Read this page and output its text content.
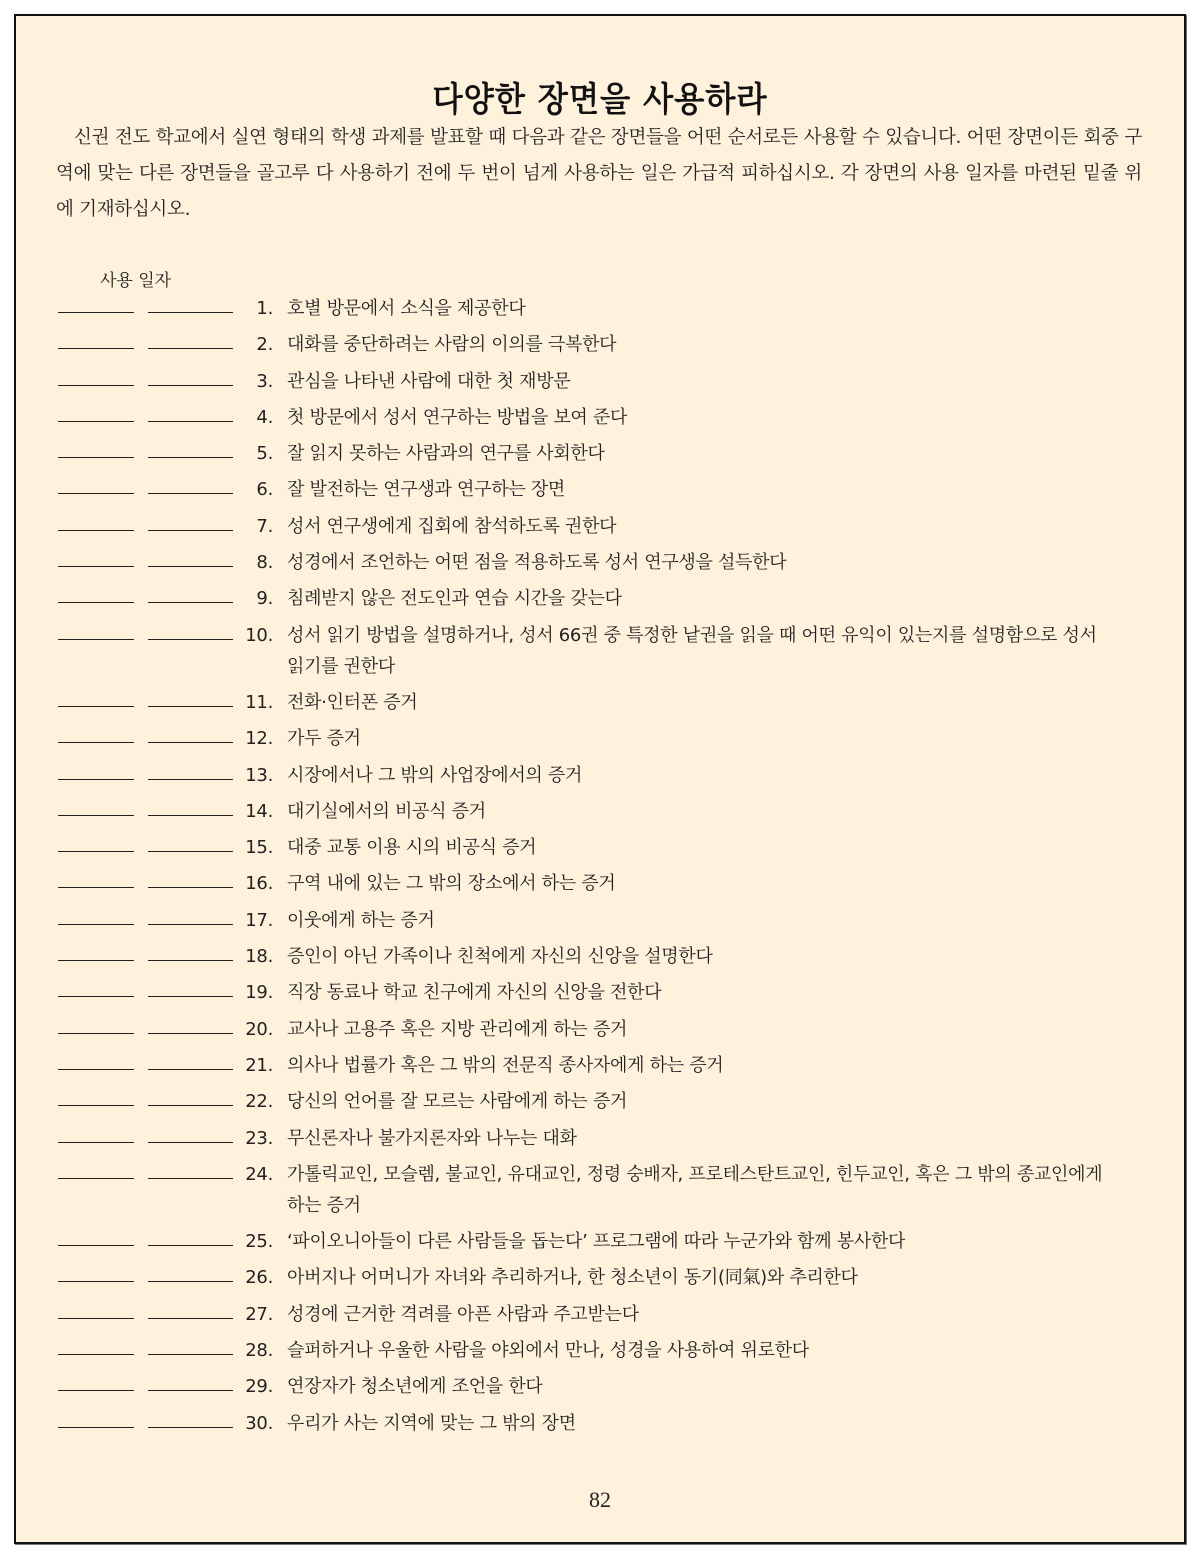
다양한 장면을 사용하라
신권 전도 학교에서 실연 형태의 학생 과제를 발표할 때 다음과 같은 장면들을 어떤 순서로든 사용할 수 있습니다. 어떤 장면이든 회중 구역에 맞는 다른 장면들을 골고루 다 사용하기 전에 두 번이 넘게 사용하는 일은 가급적 피하십시오. 각 장면의 사용 일자를 마련된 밑줄 위에 기재하십시오.
사용 일자
1. 호별 방문에서 소식을 제공한다
2. 대화를 중단하려는 사람의 이의를 극복한다
3. 관심을 나타낸 사람에 대한 첫 재방문
4. 첫 방문에서 성서 연구하는 방법을 보여 준다
5. 잘 읽지 못하는 사람과의 연구를 사회한다
6. 잘 발전하는 연구생과 연구하는 장면
7. 성서 연구생에게 집회에 참석하도록 권한다
8. 성경에서 조언하는 어떤 점을 적용하도록 성서 연구생을 설득한다
9. 침례받지 않은 전도인과 연습 시간을 갖는다
10. 성서 읽기 방법을 설명하거나, 성서 66권 중 특정한 낱권을 읽을 때 어떤 유익이 있는지를 설명함으로 성서 읽기를 권한다
11. 전화·인터폰 증거
12. 가두 증거
13. 시장에서나 그 밖의 사업장에서의 증거
14. 대기실에서의 비공식 증거
15. 대중 교통 이용 시의 비공식 증거
16. 구역 내에 있는 그 밖의 장소에서 하는 증거
17. 이웃에게 하는 증거
18. 증인이 아닌 가족이나 친척에게 자신의 신앙을 설명한다
19. 직장 동료나 학교 친구에게 자신의 신앙을 전한다
20. 교사나 고용주 혹은 지방 관리에게 하는 증거
21. 의사나 법률가 혹은 그 밖의 전문직 종사자에게 하는 증거
22. 당신의 언어를 잘 모르는 사람에게 하는 증거
23. 무신론자나 불가지론자와 나누는 대화
24. 가톨릭교인, 모슬렘, 불교인, 유대교인, 정령 숭배자, 프로테스탄트교인, 힌두교인, 혹은 그 밖의 종교인에게 하는 증거
25. ‘파이오니아들이 다른 사람들을 돕는다’ 프로그램에 따라 누군가와 함께 봉사한다
26. 아버지나 어머니가 자녀와 추리하거나, 한 청소년이 동기(同氣)와 추리한다
27. 성경에 근거한 격려를 아픈 사람과 주고받는다
28. 슬퍼하거나 우울한 사람을 야외에서 만나, 성경을 사용하여 위로한다
29. 연장자가 청소년에게 조언을 한다
30. 우리가 사는 지역에 맞는 그 밖의 장면
82
